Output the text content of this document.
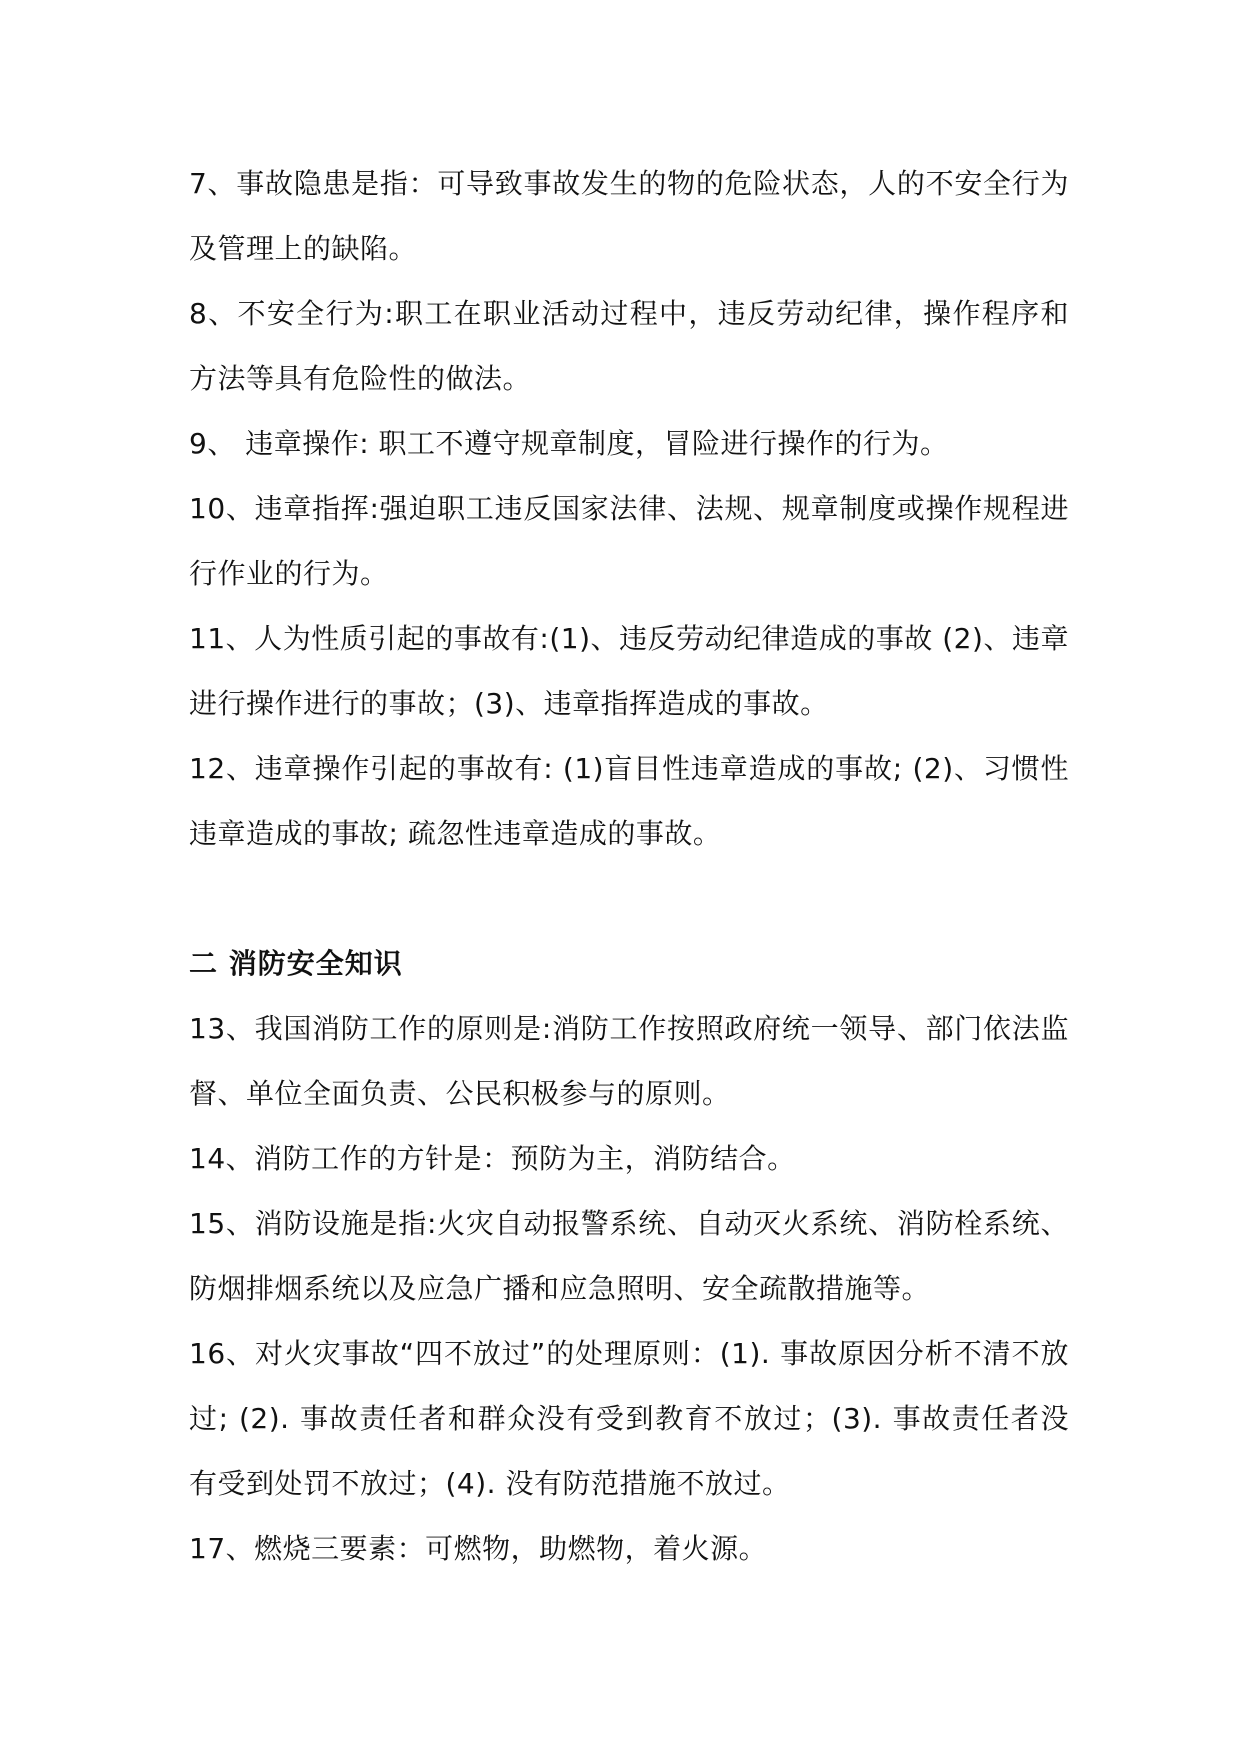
7、事故隐患是指：可导致事故发生的物的危险状态，人的不安全行为及管理上的缺陷。

8、不安全行为:职工在职业活动过程中，违反劳动纪律，操作程序和方法等具有危险性的做法。

9、 违章操作: 职工不遵守规章制度，冒险进行操作的行为。

10、违章指挥:强迫职工违反国家法律、法规、规章制度或操作规程进行作业的行为。

11、人为性质引起的事故有:(1)、违反劳动纪律造成的事故 (2)、违章进行操作进行的事故；(3)、违章指挥造成的事故。

12、违章操作引起的事故有: (1)盲目性违章造成的事故; (2)、习惯性违章造成的事故; 疏忽性违章造成的事故。

二 消防安全知识

13、我国消防工作的原则是:消防工作按照政府统一领导、部门依法监督、单位全面负责、公民积极参与的原则。

14、消防工作的方针是：预防为主，消防结合。

15、消防设施是指:火灾自动报警系统、自动灭火系统、消防栓系统、防烟排烟系统以及应急广播和应急照明、安全疏散措施等。

16、对火灾事故“四不放过”的处理原则：(1). 事故原因分析不清不放过; (2). 事故责任者和群众没有受到教育不放过；(3). 事故责任者没有受到处罚不放过；(4). 没有防范措施不放过。

17、燃烧三要素：可燃物，助燃物，着火源。
